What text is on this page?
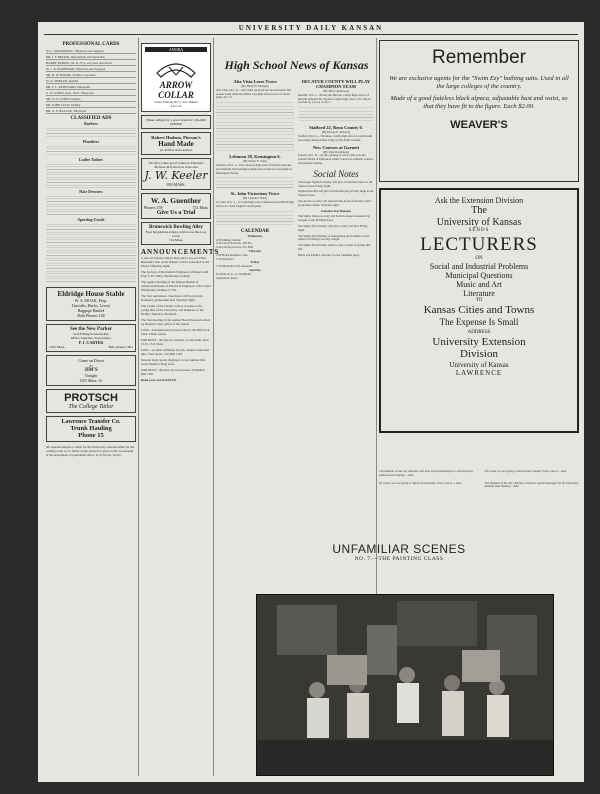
UNIVERSITY DAILY KANSAN
PROFESSIONAL CARDS
W. C. McDONNELL, Physician and surgeon
DR. J. F. BROOK, Optometrist and Specialist
HARRY REDING, M. D., Eye, ear, nose and throat
Dr. J. R. BARNHART, Physician and Surgeon
DR. H. W. HAVRE, Oculist, Lawrence
W. O. SEIDLER, Dentist
DR. F. L. REDFEARD, Osteopath
G. W. JONES, A.B., M.D., Physician
DR. W. N. JONES, Dentist
DR. JOHN LUCK, Dentist
DR. A. E. BALLOU, Physician
CLASSIFIED ADS
Barbers

Plumbers

Ladies Tailors

Hair Dressers

Sporting Goods

Eldridge House Stable
W. S. MOAK, Prop.
Taxicabs, Hacks, Livery
Baggage Hauled
Both Phones 148
See the New Parker
Self-Filling Fountain Pen
Office Supplies, Typewriters
F. I. CARTER
1025 Mass.	Bell phones 1061
Come on Down
to
JIM'S
Tonight
1101 Mass. St.
PROTSCH
The College Tailor
Lawrence Transfer Co.
Trunk Hauling
Phone 15
All announcements or items for the University calendar either for the coming week or for future events should be given to Ms. Greenough at the department of journalism office, by 4:30 p.m. Friday.
ANORA
ARROW
COLLAR
Cluett, Peabody & Co., Inc. Makers
2 for 25
When calling for a good brand of CIGARS SMOKE
Robert Hudson, Pierson's
Hand Made
At all first class dealers
We have some good values in Pennants Pictures & Posters in class and
J. W. Keeler
939 MASS.
W. A. Guenther
Phones 159	731 Mass
Give Us a Trial
Brunswick Bowling Alley
Four Regulation Alleys with Loop-the-loop room
714 Mass.
ANNOUNCEMENTS

A one-act Pessen Christy Days and a two-act Ethel Bertrand's One of the Raiders will be presented at the Palace Thursday night.

The Society of Mechanical Engineers will meet with Prof. F. H. Sibley Wednesday evening.

The regular meeting of the Kansas Branch of American Institute of Electrical Engineers will be held Wednesday evening at 7:30.

The first sophomore class dance will be given in Robinson gymnasium next Saturday night.

The Ladies of the Faculty will be at home to the young men of the University and members of the faculty, Thursday afternoon.

The first meeting of the Annual Board has been called by Russell Caleb, editor of the annual.

LOST—Fountain pen between Library and 900 block Tenn. Finder return.

FOR RENT—Rooms for students, in one home. Bell 1513, 1316 Tenn.

LOST—A white chiffonne brooch, shaped somewhat like a four-de-lis. Call Bell 1181.

Persons lately goods displayed in our window this week. Barber's Drug store.

FOR RENT—Modern six room house. Furnished. Bell 2397.

Read your own KANSAN.

High School News of Kansas
Alta Vista Loses Twice
(By Harry H. Morgan)
Alta Vista, Oct. 31—Alta Vista received her second defeat this season today when the White City high school won a football game 32 to 0.
Lebanon 28, Kensington 6.
(By Walter E. York)
Lebanon, Nov. 1—The Lebanon high school football team met and defeated the Kensington high school team in a fast game at Kensington Friday.
St. John Victorious Twice
(By Clarence Ward)
St. John, Nov. 1—St. John high school defeated Great Bend high school in a hard fought football game.
CALENDAR
Wednesday
4:30 Mining Journal
4:30 Cercle Francais, 106 Fra.
4:30 Chorus practice, Fra. Hall
Thursday
7:00 Hawk Dramatic Club
7:30 Orchestra
Friday
7:30 Mandolin Club rehearsal
Saturday
Football, K. U. vs. Washburn
Sophomore dance
DECATUR COUNTY WILL PLAY CHAMPION TEAM
(By Harry Anderson)
Oberlin, Nov. 1—Friday the Decatur county high school of Oberlin defeated the Thomas county high school of Colby in football by a score of 20-7.
Stafford 22, Reno County 0.
(By Dewey E. Roberts)
Stafford, Nov. 1—The Reno county high school football team was easily defeated here today by the Stafford team.
New Courses at Garnett
(By John Donaldson)
Garnett, Oct. 31—At the opening of school this year the Garnett Board of Education added courses in domestic science and manual training.
Social Notes

The Kappa Sigma fraternity will give an informal dance at the chapter house Friday night.

Sigma Delta Phi will give an informal party Friday night at the chapter house.

The Acacia sorority will entertain the Acacia fraternity with a progressive dinner Saturday night.

Founders Day Banquet

The Sigma Kappa sorority will hold its annual founders day banquet at the Eldridge hotel.

The Sigma Nu fraternity will give a party at Ecke's Friday night.

The Sigma Nu fraternity is entertaining the freshmen of the Alpha Chi Omega sorority tonight.

The Sigma Nu fraternity plans to give a series of parties this fall.

Haley and Findley will play for the freshmen party.

Remember
We are exclusive agents for the "Swim Ezy" bathing suits. Used in all the large colleges of the country.
Made of a good fadeless black alpaca, adjustable bust and waist, so that they have fit to the figure. Each $2.00.
WEAVER'S
Ask the Extension Division
The
University of Kansas
SENDS
LECTURERS
ON
Social and Industrial Problems
Municipal Questions
Music and Art
Literature
TO
Kansas Cities and Towns
The Expense Is Small
ADDRESS
University Extension
Division
University of Kansas
LAWRENCE
The minister of the city churches will have special messages for all University students next Sunday.—Adv.
Of course you are going to church next Sunday. Every one is.—Adv.
Of course you are going to church next Sunday. Every one is.—Adv.	The minister of the city churches will have special messages for all University students next Sunday.—Adv.
UNFAMILIAR SCENES
NO. 7.—THE PAINTING CLASS
